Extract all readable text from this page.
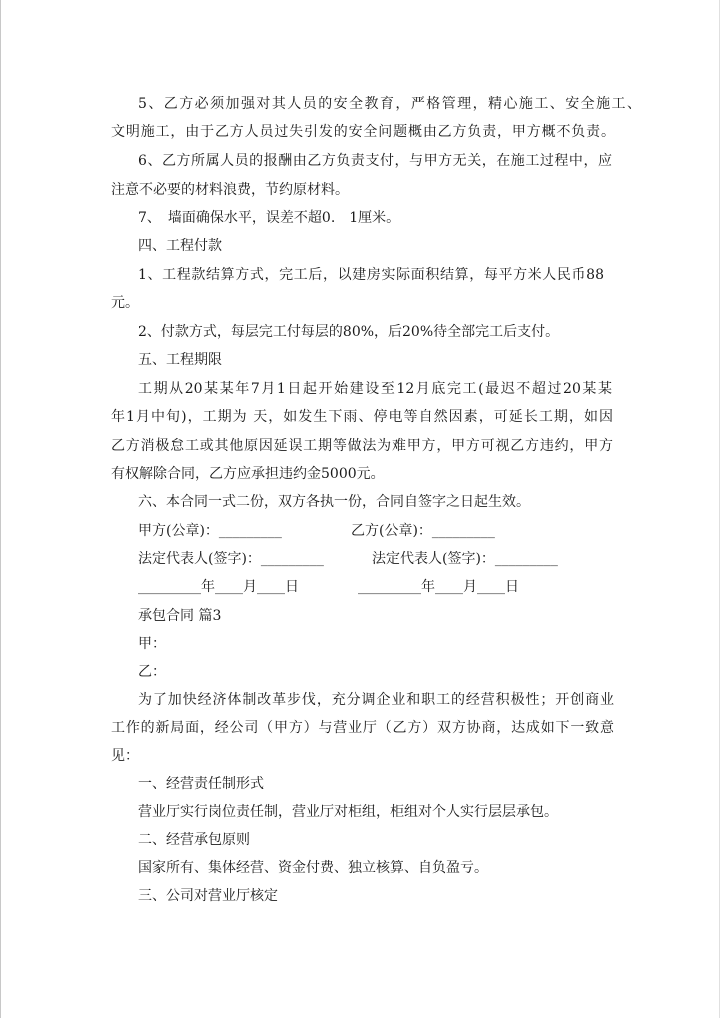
5、乙方必须加强对其人员的安全教育，严格管理，精心施工、安全施工、
文明施工，由于乙方人员过失引发的安全问题概由乙方负责，甲方概不负责。
6、乙方所属人员的报酬由乙方负责支付，与甲方无关，在施工过程中，应
注意不必要的材料浪费，节约原材料。
7、　墙面确保水平，误差不超0.　1厘米。
四、工程付款
1、工程款结算方式，完工后，以建房实际面积结算，每平方米人民币88
元。
2、付款方式，每层完工付每层的80%，后20%待全部完工后支付。
五、工程期限
工期从20某某年7月1日起开始建设至12月底完工(最迟不超过20某某
年1月中旬)，工期为 天，如发生下雨、停电等自然因素，可延长工期，如因
乙方消极怠工或其他原因延误工期等做法为难甲方，甲方可视乙方违约，甲方
有权解除合同，乙方应承担违约金5000元。
六、本合同一式二份，双方各执一份，合同自签字之日起生效。
甲方(公章)：_________	乙方(公章)：_________
法定代表人(签字)：_________	法定代表人(签字)：_________
_________年____月____日	_________年____月____日
承包合同 篇3
甲：
乙：
为了加快经济体制改革步伐，充分调企业和职工的经营积极性；开创商业
工作的新局面，经公司（甲方）与营业厅（乙方）双方协商，达成如下一致意
见：
一、经营责任制形式
营业厅实行岗位责任制，营业厅对柜组，柜组对个人实行层层承包。
二、经营承包原则
国家所有、集体经营、资金付费、独立核算、自负盈亏。
三、公司对营业厅核定
